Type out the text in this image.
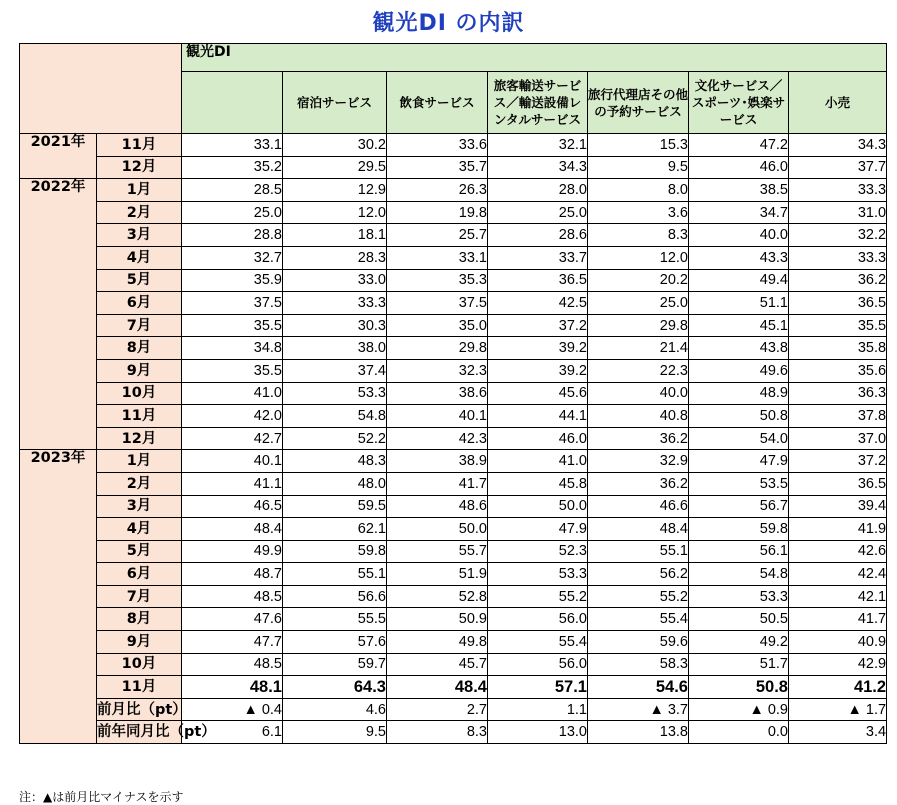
観光DI の内訳
		観光DI						
			宿泊サービス	飲食サービス	旅客輸送サービス／輸送設備レンタルサービス	旅行代理店その他の予約サービス	文化サービス／スポーツ･娯楽サービス	小売
2021年	11月	33.1	30.2	33.6	32.1	15.3	47.2	34.3
	12月	35.2	29.5	35.7	34.3	9.5	46.0	37.7
2022年	1月	28.5	12.9	26.3	28.0	8.0	38.5	33.3
	2月	25.0	12.0	19.8	25.0	3.6	34.7	31.0
	3月	28.8	18.1	25.7	28.6	8.3	40.0	32.2
	4月	32.7	28.3	33.1	33.7	12.0	43.3	33.3
	5月	35.9	33.0	35.3	36.5	20.2	49.4	36.2
	6月	37.5	33.3	37.5	42.5	25.0	51.1	36.5
	7月	35.5	30.3	35.0	37.2	29.8	45.1	35.5
	8月	34.8	38.0	29.8	39.2	21.4	43.8	35.8
	9月	35.5	37.4	32.3	39.2	22.3	49.6	35.6
	10月	41.0	53.3	38.6	45.6	40.0	48.9	36.3
	11月	42.0	54.8	40.1	44.1	40.8	50.8	37.8
	12月	42.7	52.2	42.3	46.0	36.2	54.0	37.0
2023年	1月	40.1	48.3	38.9	41.0	32.9	47.9	37.2
	2月	41.1	48.0	41.7	45.8	36.2	53.5	36.5
	3月	46.5	59.5	48.6	50.0	46.6	56.7	39.4
	4月	48.4	62.1	50.0	47.9	48.4	59.8	41.9
	5月	49.9	59.8	55.7	52.3	55.1	56.1	42.6
	6月	48.7	55.1	51.9	53.3	56.2	54.8	42.4
	7月	48.5	56.6	52.8	55.2	55.2	53.3	42.1
	8月	47.6	55.5	50.9	56.0	55.4	50.5	41.7
	9月	47.7	57.6	49.8	55.4	59.6	49.2	40.9
	10月	48.5	59.7	45.7	56.0	58.3	51.7	42.9
	11月	48.1	64.3	48.4	57.1	54.6	50.8	41.2
	前月比（pt）	▲ 0.4	4.6	2.7	1.1	▲ 3.7	▲ 0.9	▲ 1.7
	前年同月比（pt）	6.1	9.5	8.3	13.0	13.8	0.0	3.4
注：▲は前月比マイナスを示す
